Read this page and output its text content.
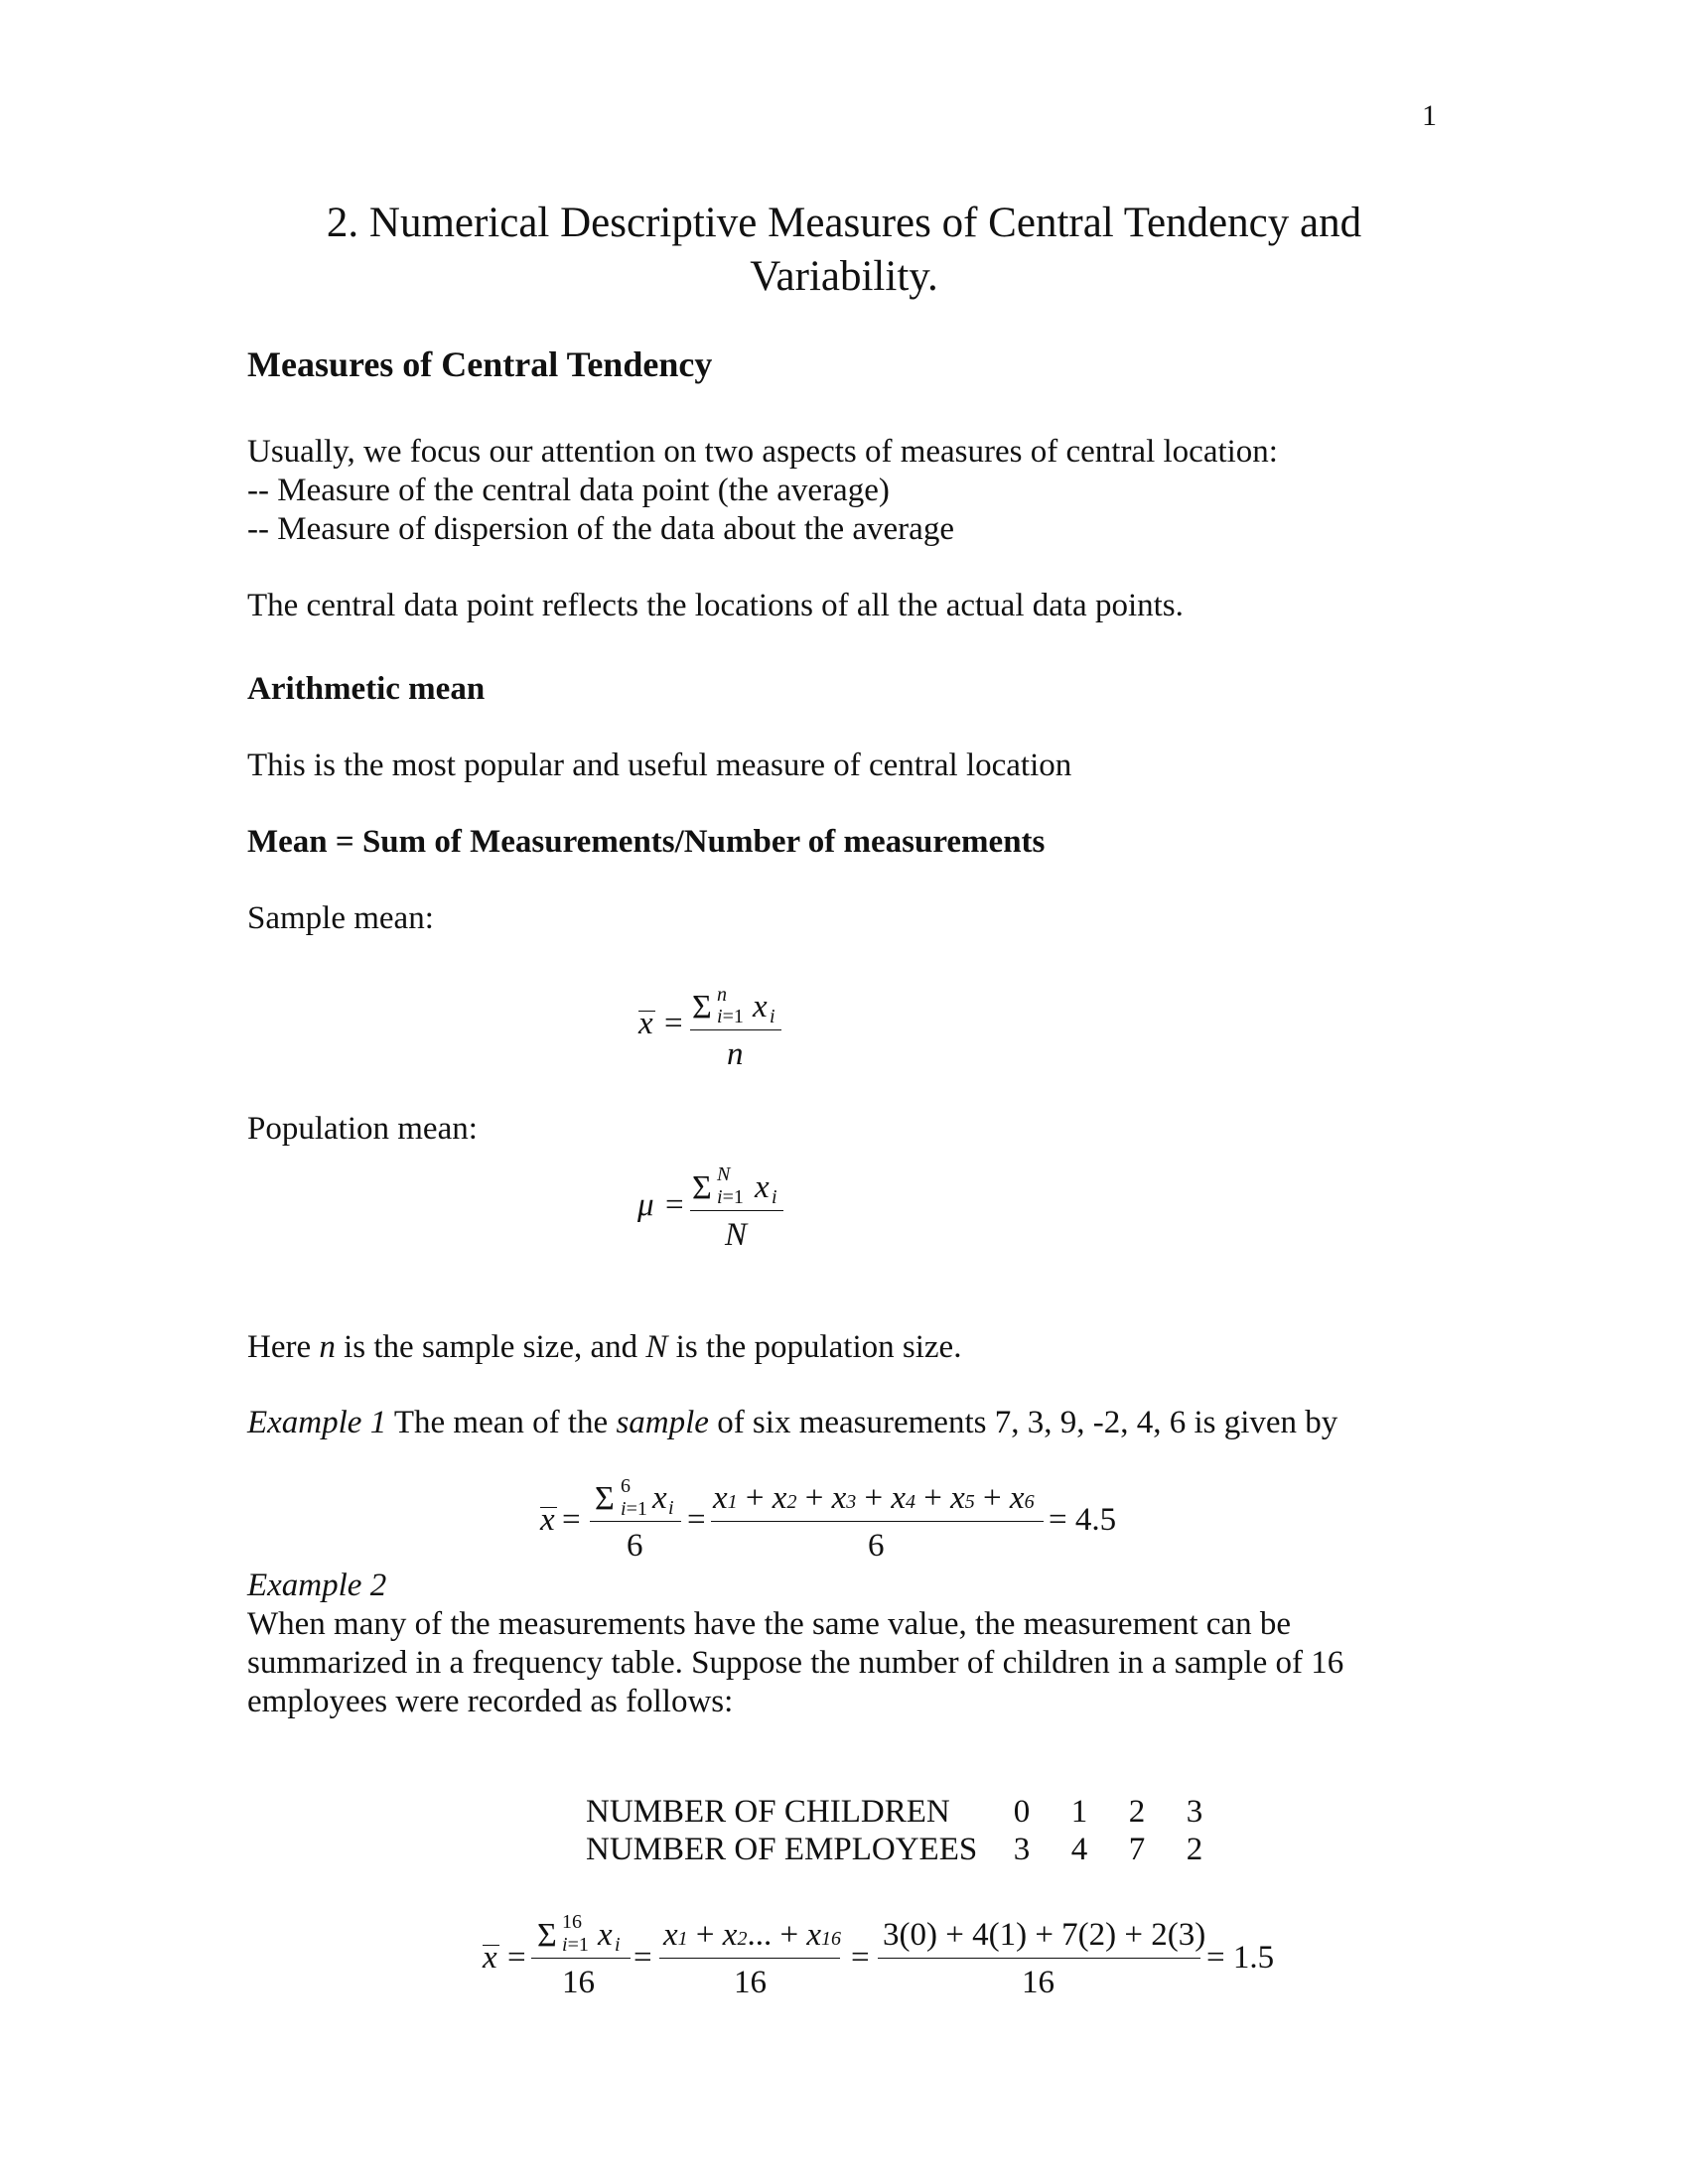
1
2. Numerical Descriptive Measures of Central Tendency and
Variability.
Measures of Central Tendency
Usually, we focus our attention on two aspects of measures of central location:
-- Measure of the central data point (the average)
-- Measure of dispersion of the data about the average
The central data point reflects the locations of all the actual data points.
Arithmetic mean
This is the most popular and useful measure of central location
Mean = Sum of Measurements/Number of measurements
Sample mean:
x = Σ n
i=1 x i
n
Population mean:
μ = Σ N
i=1 x i
N
Here n is the sample size, and N is the population size.
Example 1 The mean of the sample of six measurements 7, 3, 9, -2, 4, 6 is given by
x =
Σ 6
i=1 x i
6
=
x1 + x2 + x3 + x4 + x5 + x6
6
= 4.5
Example 2
When many of the measurements have the same value, the measurement can be
summarized in a frequency table. Suppose the number of children in a sample of 16
employees were recorded as follows:
NUMBER OF CHILDREN	0	1	2	3
NUMBER OF EMPLOYEES	3	4	7	2
x =
Σ 16
i=1 x i
16
=
x1 + x2... + x16
16
=
3(0) + 4(1) + 7(2) + 2(3)
16
= 1.5
